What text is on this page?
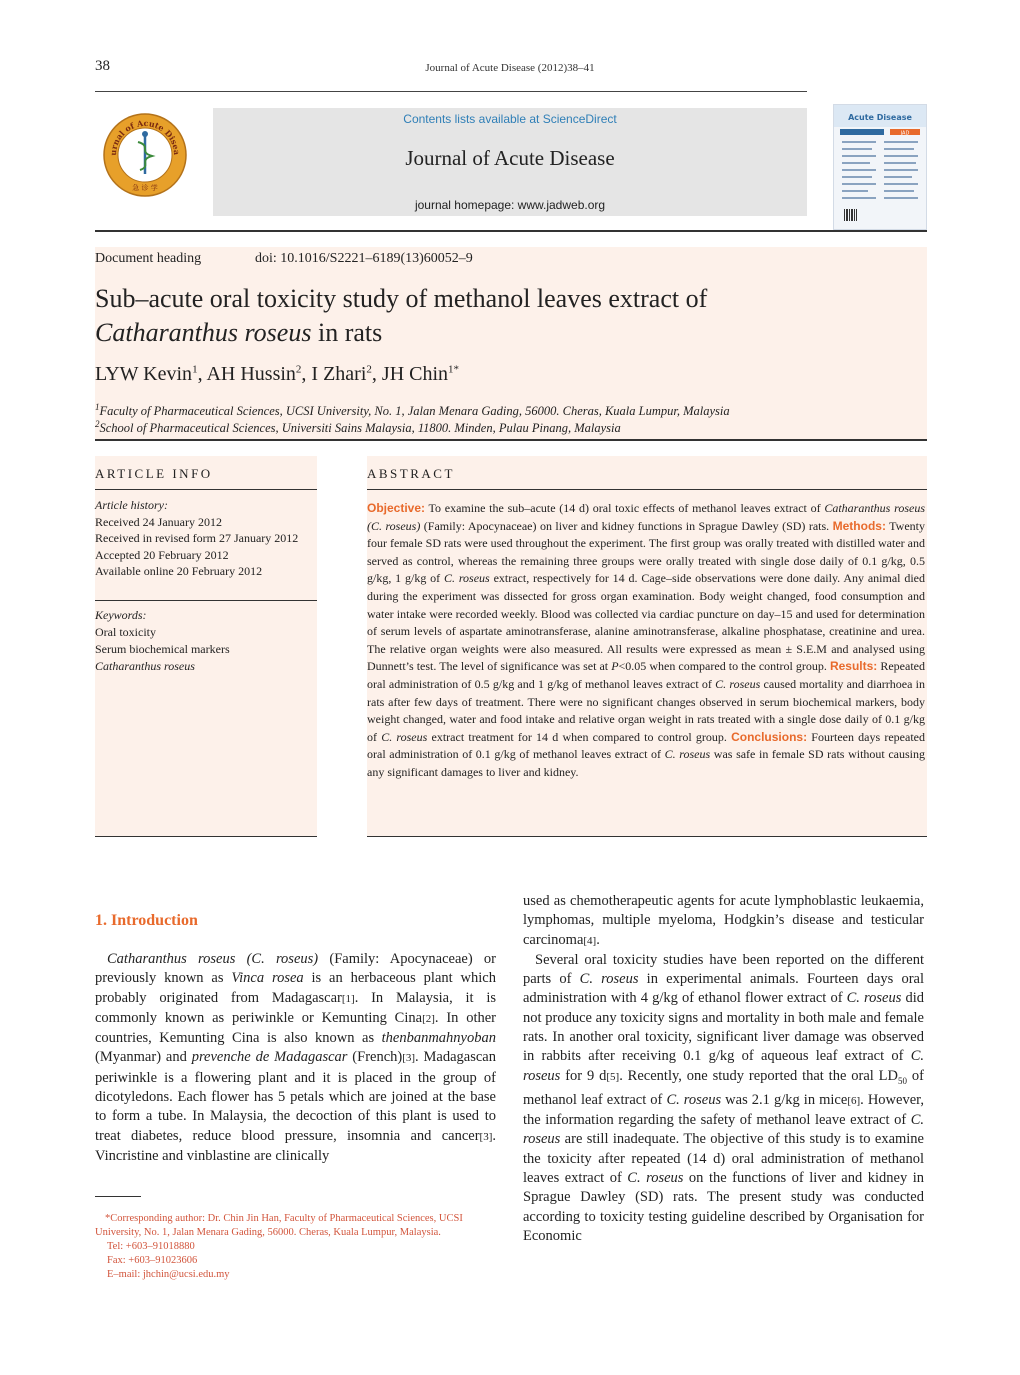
38	Journal of Acute Disease (2012)38–41
urnal of Acute Disea
急 诊 学
Contents lists available at ScienceDirect
Journal of Acute Disease
journal homepage: www.jadweb.org
Acute Disease
JAD
Document heading	doi: 10.1016/S2221–6189(13)60052–9
Sub–acute oral toxicity study of methanol leaves extract of
Catharanthus roseus in rats
LYW Kevin$^1$, AH Hussin$^2$, I Zhari$^2$, JH Chin$^{1*}$
$^1$Faculty of Pharmaceutical Sciences, UCSI University, No. 1, Jalan Menara Gading, 56000. Cheras, Kuala Lumpur, Malaysia
$^2$School of Pharmaceutical Sciences, Universiti Sains Malaysia, 11800. Minden, Pulau Pinang, Malaysia
ARTICLE INFO
Article history:
Received 24 January 2012
Received in revised form 27 January 2012
Accepted 20 February 2012
Available online 20 February 2012
Keywords:
Oral toxicity
Serum biochemical markers
Catharanthus roseus
ABSTRACT
Objective: To examine the sub–acute (14 d) oral toxic effects of methanol leaves extract of Catharanthus roseus (C. roseus) (Family: Apocynaceae) on liver and kidney functions in Sprague Dawley (SD) rats. Methods: Twenty four female SD rats were used throughout the experiment. The first group was orally treated with distilled water and served as control, whereas the remaining three groups were orally treated with single dose daily of 0.1 g/kg, 0.5 g/kg, 1 g/kg of C. roseus extract, respectively for 14 d. Cage–side observations were done daily. Any animal died during the experiment was dissected for gross organ examination. Body weight changed, food consumption and water intake were recorded weekly. Blood was collected via cardiac puncture on day–15 and used for determination of serum levels of aspartate aminotransferase, alanine aminotransferase, alkaline phosphatase, creatinine and urea. The relative organ weights were also measured. All results were expressed as mean ± S.E.M and analysed using Dunnett’s test. The level of significance was set at P<0.05 when compared to the control group. Results: Repeated oral administration of 0.5 g/kg and 1 g/kg of methanol leaves extract of C. roseus caused mortality and diarrhoea in rats after few days of treatment. There were no significant changes observed in serum biochemical markers, body weight changed, water and food intake and relative organ weight in rats treated with a single dose daily of 0.1 g/kg of C. roseus extract treatment for 14 d when compared to control group. Conclusions: Fourteen days repeated oral administration of 0.1 g/kg of methanol leaves extract of C. roseus was safe in female SD rats without causing any significant damages to liver and kidney.
1. Introduction
Catharanthus roseus (C. roseus) (Family: Apocynaceae) or previously known as Vinca rosea is an herbaceous plant which probably originated from Madagascar[1]. In Malaysia, it is commonly known as periwinkle or Kemunting Cina[2]. In other countries, Kemunting Cina is also known as thenbanmahnyoban (Myanmar) and prevenche de Madagascar (French)[3]. Madagascan periwinkle is a flowering plant and it is placed in the group of dicotyledons. Each flower has 5 petals which are joined at the base to form a tube. In Malaysia, the decoction of this plant is used to treat diabetes, reduce blood pressure, insomnia and cancer[3]. Vincristine and vinblastine are clinically
used as chemotherapeutic agents for acute lymphoblastic leukaemia, lymphomas, multiple myeloma, Hodgkin’s disease and testicular carcinoma[4].
Several oral toxicity studies have been reported on the different parts of C. roseus in experimental animals. Fourteen days oral administration with 4 g/kg of ethanol flower extract of C. roseus did not produce any toxicity signs and mortality in both male and female rats. In another oral toxicity, significant liver damage was observed in rabbits after receiving 0.1 g/kg of aqueous leaf extract of C. roseus for 9 d[5]. Recently, one study reported that the oral $LD_{50}$ of methanol leaf extract of C. roseus was 2.1 g/kg in mice[6]. However, the information regarding the safety of methanol leave extract of C. roseus are still inadequate. The objective of this study is to examine the toxicity after repeated (14 d) oral administration of methanol leaves extract of C. roseus on the functions of liver and kidney in Sprague Dawley (SD) rats. The present study was conducted according to toxicity testing guideline described by Organisation for Economic
*Corresponding author: Dr. Chin Jin Han, Faculty of Pharmaceutical Sciences, UCSI University, No. 1, Jalan Menara Gading, 56000. Cheras, Kuala Lumpur, Malaysia.
Tel: +603–91018880
Fax: +603–91023606
E–mail: jhchin@ucsi.edu.my
